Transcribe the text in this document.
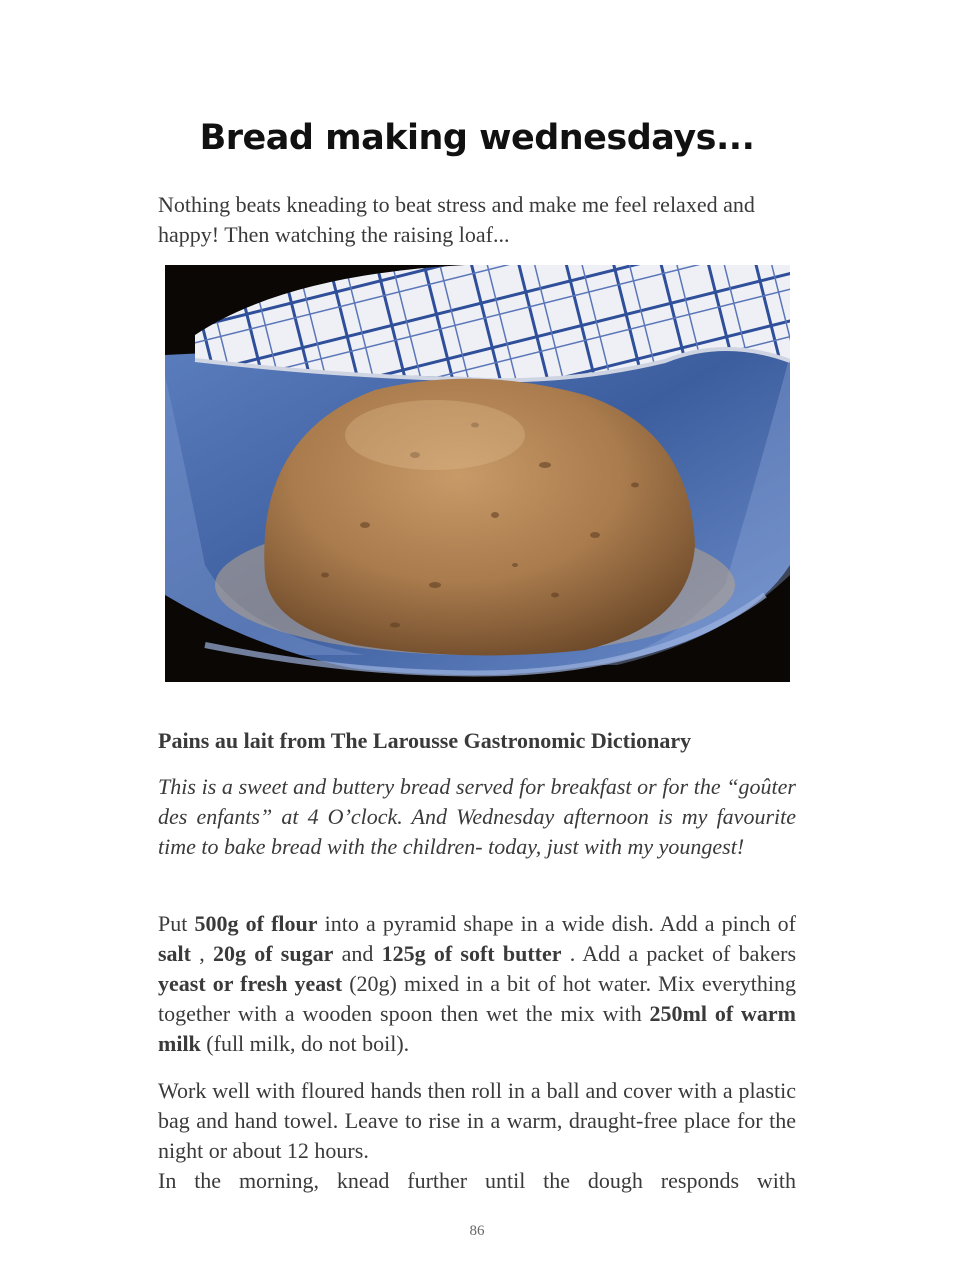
Bread making wednesdays...

Nothing beats kneading to beat stress and make me feel relaxed and happy! Then watching the raising loaf...

Pains au lait from The Larousse Gastronomic Dictionary

This is a sweet and buttery bread served for breakfast or for the “goûter des enfants” at 4 O’clock. And Wednesday afternoon is my favourite time to bake bread with the children- today, just with my youngest!

Put 500g of flour into a pyramid shape in a wide dish. Add a pinch of salt , 20g of sugar and 125g of soft butter . Add a packet of bakers yeast or fresh yeast (20g) mixed in a bit of hot water. Mix everything together with a wooden spoon then wet the mix with 250ml of warm milk (full milk, do not boil).

Work well with floured hands then roll in a ball and cover with a plastic bag and hand towel. Leave to rise in a warm, draught-free place for the night or about 12 hours.
In the morning, knead further until the dough responds with

86
